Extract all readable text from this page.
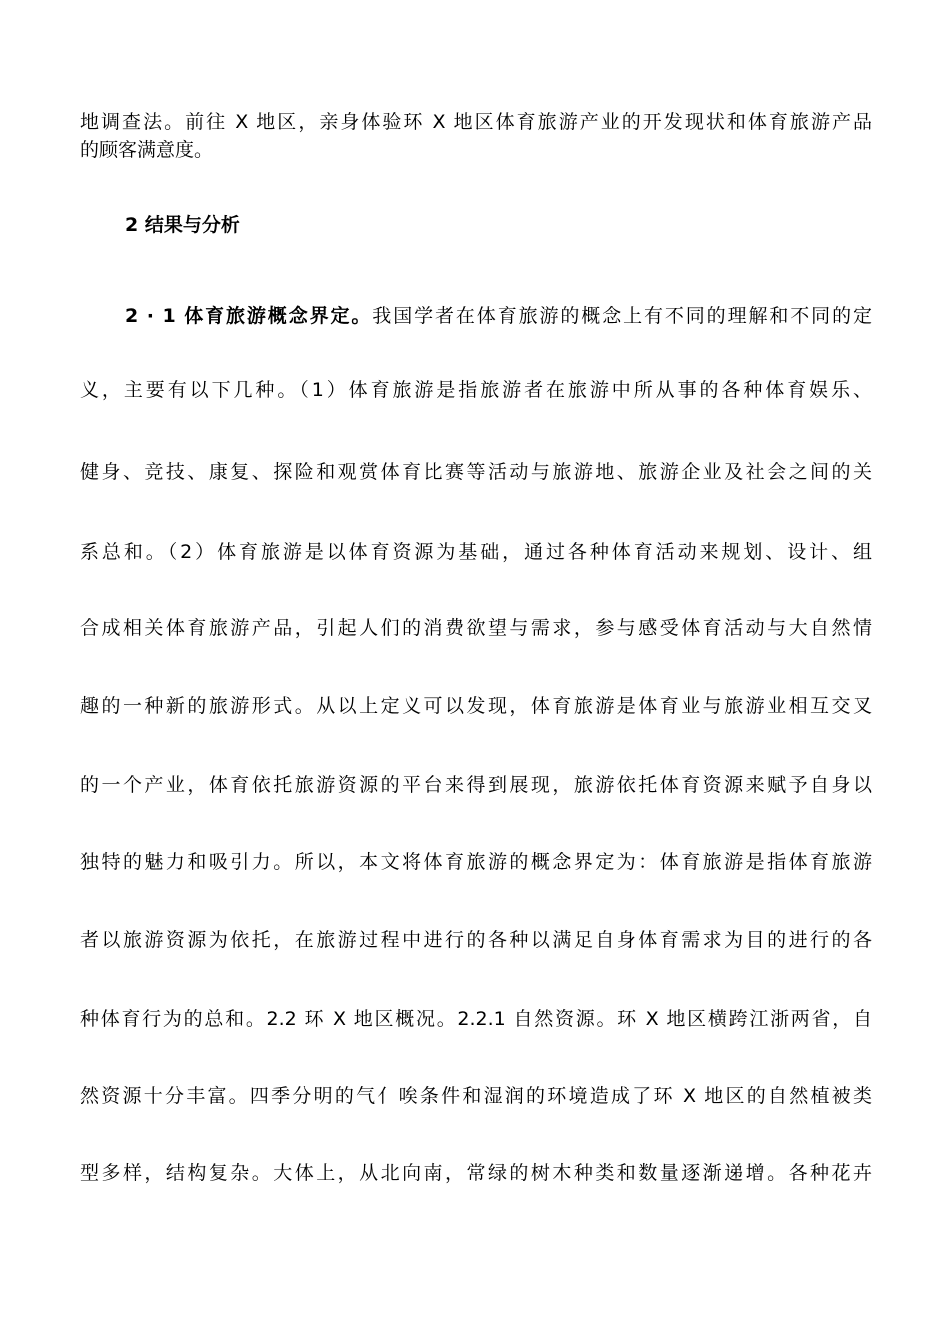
地调查法。前往 X 地区，亲身体验环 X 地区体育旅游产业的开发现状和体育旅游产品
的顾客满意度。
2 结果与分析
2 · 1 体育旅游概念界定。我国学者在体育旅游的概念上有不同的理解和不同的定
义，主要有以下几种。（1）体育旅游是指旅游者在旅游中所从事的各种体育娱乐、
健身、竞技、康复、探险和观赏体育比赛等活动与旅游地、旅游企业及社会之间的关
系总和。（2）体育旅游是以体育资源为基础，通过各种体育活动来规划、设计、组
合成相关体育旅游产品，引起人们的消费欲望与需求，参与感受体育活动与大自然情
趣的一种新的旅游形式。从以上定义可以发现，体育旅游是体育业与旅游业相互交叉
的一个产业，体育依托旅游资源的平台来得到展现，旅游依托体育资源来赋予自身以
独特的魅力和吸引力。所以，本文将体育旅游的概念界定为：体育旅游是指体育旅游
者以旅游资源为依托，在旅游过程中进行的各种以满足自身体育需求为目的进行的各
种体育行为的总和。2.2 环 X 地区概况。2.2.1 自然资源。环 X 地区横跨江浙两省，自
然资源十分丰富。四季分明的气亻唉条件和湿润的环境造成了环 X 地区的自然植被类
型多样，结构复杂。大体上，从北向南，常绿的树木种类和数量逐渐递增。各种花卉
